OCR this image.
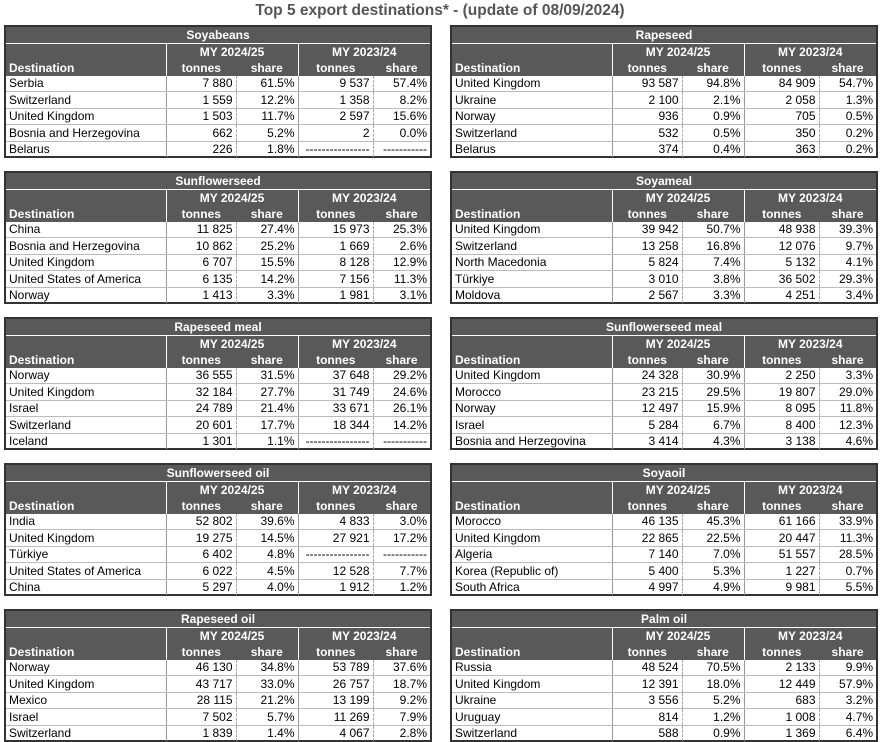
Top 5 export destinations* - (update of 08/09/2024)
Soyabeans				
	MY 2024/25		MY 2023/24	
Destination	tonnes	share	tonnes	share
Serbia	7 880	61.5%	9 537	57.4%
Switzerland	1 559	12.2%	1 358	8.2%
United Kingdom	1 503	11.7%	2 597	15.6%
Bosnia and Herzegovina	662	5.2%	2	0.0%
Belarus	226	1.8%	----------------	-----------
Rapeseed				
	MY 2024/25		MY 2023/24	
Destination	tonnes	share	tonnes	share
United Kingdom	93 587	94.8%	84 909	54.7%
Ukraine	2 100	2.1%	2 058	1.3%
Norway	936	0.9%	705	0.5%
Switzerland	532	0.5%	350	0.2%
Belarus	374	0.4%	363	0.2%
Sunflowerseed				
	MY 2024/25		MY 2023/24	
Destination	tonnes	share	tonnes	share
China	11 825	27.4%	15 973	25.3%
Bosnia and Herzegovina	10 862	25.2%	1 669	2.6%
United Kingdom	6 707	15.5%	8 128	12.9%
United States of America	6 135	14.2%	7 156	11.3%
Norway	1 413	3.3%	1 981	3.1%
Soyameal				
	MY 2024/25		MY 2023/24	
Destination	tonnes	share	tonnes	share
United Kingdom	39 942	50.7%	48 938	39.3%
Switzerland	13 258	16.8%	12 076	9.7%
North Macedonia	5 824	7.4%	5 132	4.1%
Türkiye	3 010	3.8%	36 502	29.3%
Moldova	2 567	3.3%	4 251	3.4%
Rapeseed meal				
	MY 2024/25		MY 2023/24	
Destination	tonnes	share	tonnes	share
Norway	36 555	31.5%	37 648	29.2%
United Kingdom	32 184	27.7%	31 749	24.6%
Israel	24 789	21.4%	33 671	26.1%
Switzerland	20 601	17.7%	18 344	14.2%
Iceland	1 301	1.1%	----------------	-----------
Sunflowerseed meal				
	MY 2024/25		MY 2023/24	
Destination	tonnes	share	tonnes	share
United Kingdom	24 328	30.9%	2 250	3.3%
Morocco	23 215	29.5%	19 807	29.0%
Norway	12 497	15.9%	8 095	11.8%
Israel	5 284	6.7%	8 400	12.3%
Bosnia and Herzegovina	3 414	4.3%	3 138	4.6%
Sunflowerseed oil				
	MY 2024/25		MY 2023/24	
Destination	tonnes	share	tonnes	share
India	52 802	39.6%	4 833	3.0%
United Kingdom	19 275	14.5%	27 921	17.2%
Türkiye	6 402	4.8%	----------------	-----------
United States of America	6 022	4.5%	12 528	7.7%
China	5 297	4.0%	1 912	1.2%
Soyaoil				
	MY 2024/25		MY 2023/24	
Destination	tonnes	share	tonnes	share
Morocco	46 135	45.3%	61 166	33.9%
United Kingdom	22 865	22.5%	20 447	11.3%
Algeria	7 140	7.0%	51 557	28.5%
Korea (Republic of)	5 400	5.3%	1 227	0.7%
South Africa	4 997	4.9%	9 981	5.5%
Rapeseed oil				
	MY 2024/25		MY 2023/24	
Destination	tonnes	share	tonnes	share
Norway	46 130	34.8%	53 789	37.6%
United Kingdom	43 717	33.0%	26 757	18.7%
Mexico	28 115	21.2%	13 199	9.2%
Israel	7 502	5.7%	11 269	7.9%
Switzerland	1 839	1.4%	4 067	2.8%
Palm oil				
	MY 2024/25		MY 2023/24	
Destination	tonnes	share	tonnes	share
Russia	48 524	70.5%	2 133	9.9%
United Kingdom	12 391	18.0%	12 449	57.9%
Ukraine	3 556	5.2%	683	3.2%
Uruguay	814	1.2%	1 008	4.7%
Switzerland	588	0.9%	1 369	6.4%
